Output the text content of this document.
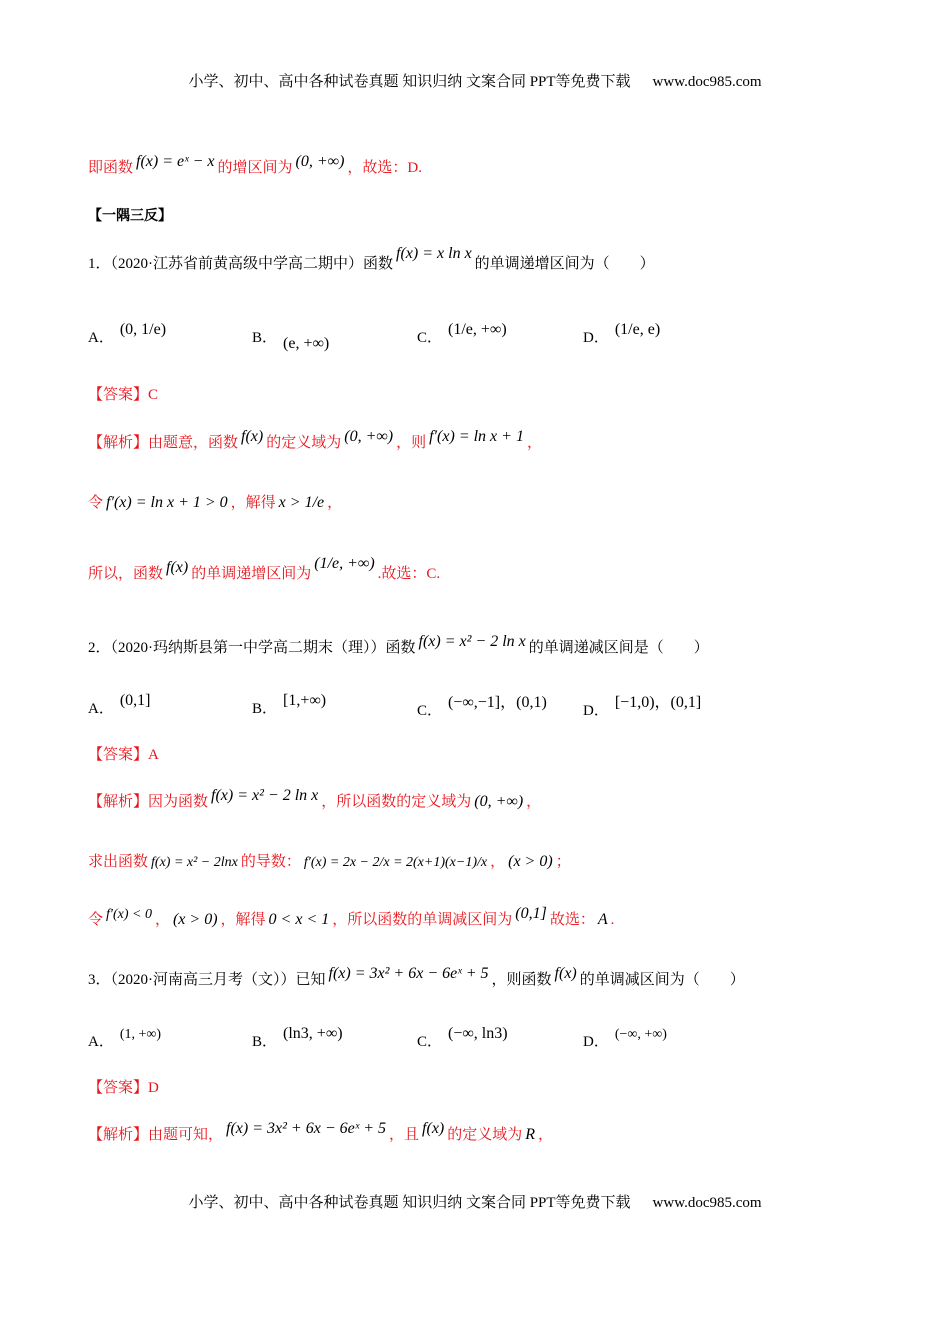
小学、初中、高中各种试卷真题 知识归纳 文案合同 PPT等免费下载 www.doc985.com
即函数 f(x) = eˣ − x 的增区间为 (0, +∞) ，故选：D.
【一隅三反】
1．（2020·江苏省前黄高级中学高二期中）函数f(x) = x ln x的单调递增区间为（　　）
A． (0, 1/e)	B． (e, +∞)	C． (1/e, +∞)	D． (1/e, e)
【答案】C
【解析】由题意，函数 f(x) 的定义域为 (0, +∞) ，则 f′(x) = ln x + 1 ，
令 f′(x) = ln x + 1 > 0 ，解得 x > 1/e ，
所以，函数 f(x) 的单调递增区间为(1/e, +∞).故选：C.
2．（2020·玛纳斯县第一中学高二期末（理））函数 f(x) = x² − 2 ln x 的单调递减区间是（　　）
A． (0,1]	B． [1,+∞)
C． (−∞,−1]，(0,1) D． [−1,0)，(0,1]
【答案】A
【解析】因为函数 f(x) = x² − 2 ln x ，所以函数的定义域为 (0, +∞) ，
求出函数 f(x) = x² − 2lnx 的导数： f′(x) = 2x − 2/x = 2(x+1)(x−1)/x ， (x > 0) ；
令 f′(x) < 0 ， (x > 0) ，解得 0 < x < 1 ，所以函数的单调减区间为 (0,1] 故选： A .
3．（2020·河南高三月考（文））已知 f(x) = 3x² + 6x − 6eˣ + 5 ，则函数 f(x) 的单调减区间为（　　）
A． (1, +∞)	B． (ln3, +∞)	C． (−∞, ln3)	D． (−∞, +∞)
【答案】D
【解析】由题可知， f(x) = 3x² + 6x − 6eˣ + 5 ，且 f(x) 的定义域为 R ，
小学、初中、高中各种试卷真题 知识归纳 文案合同 PPT等免费下载 www.doc985.com
